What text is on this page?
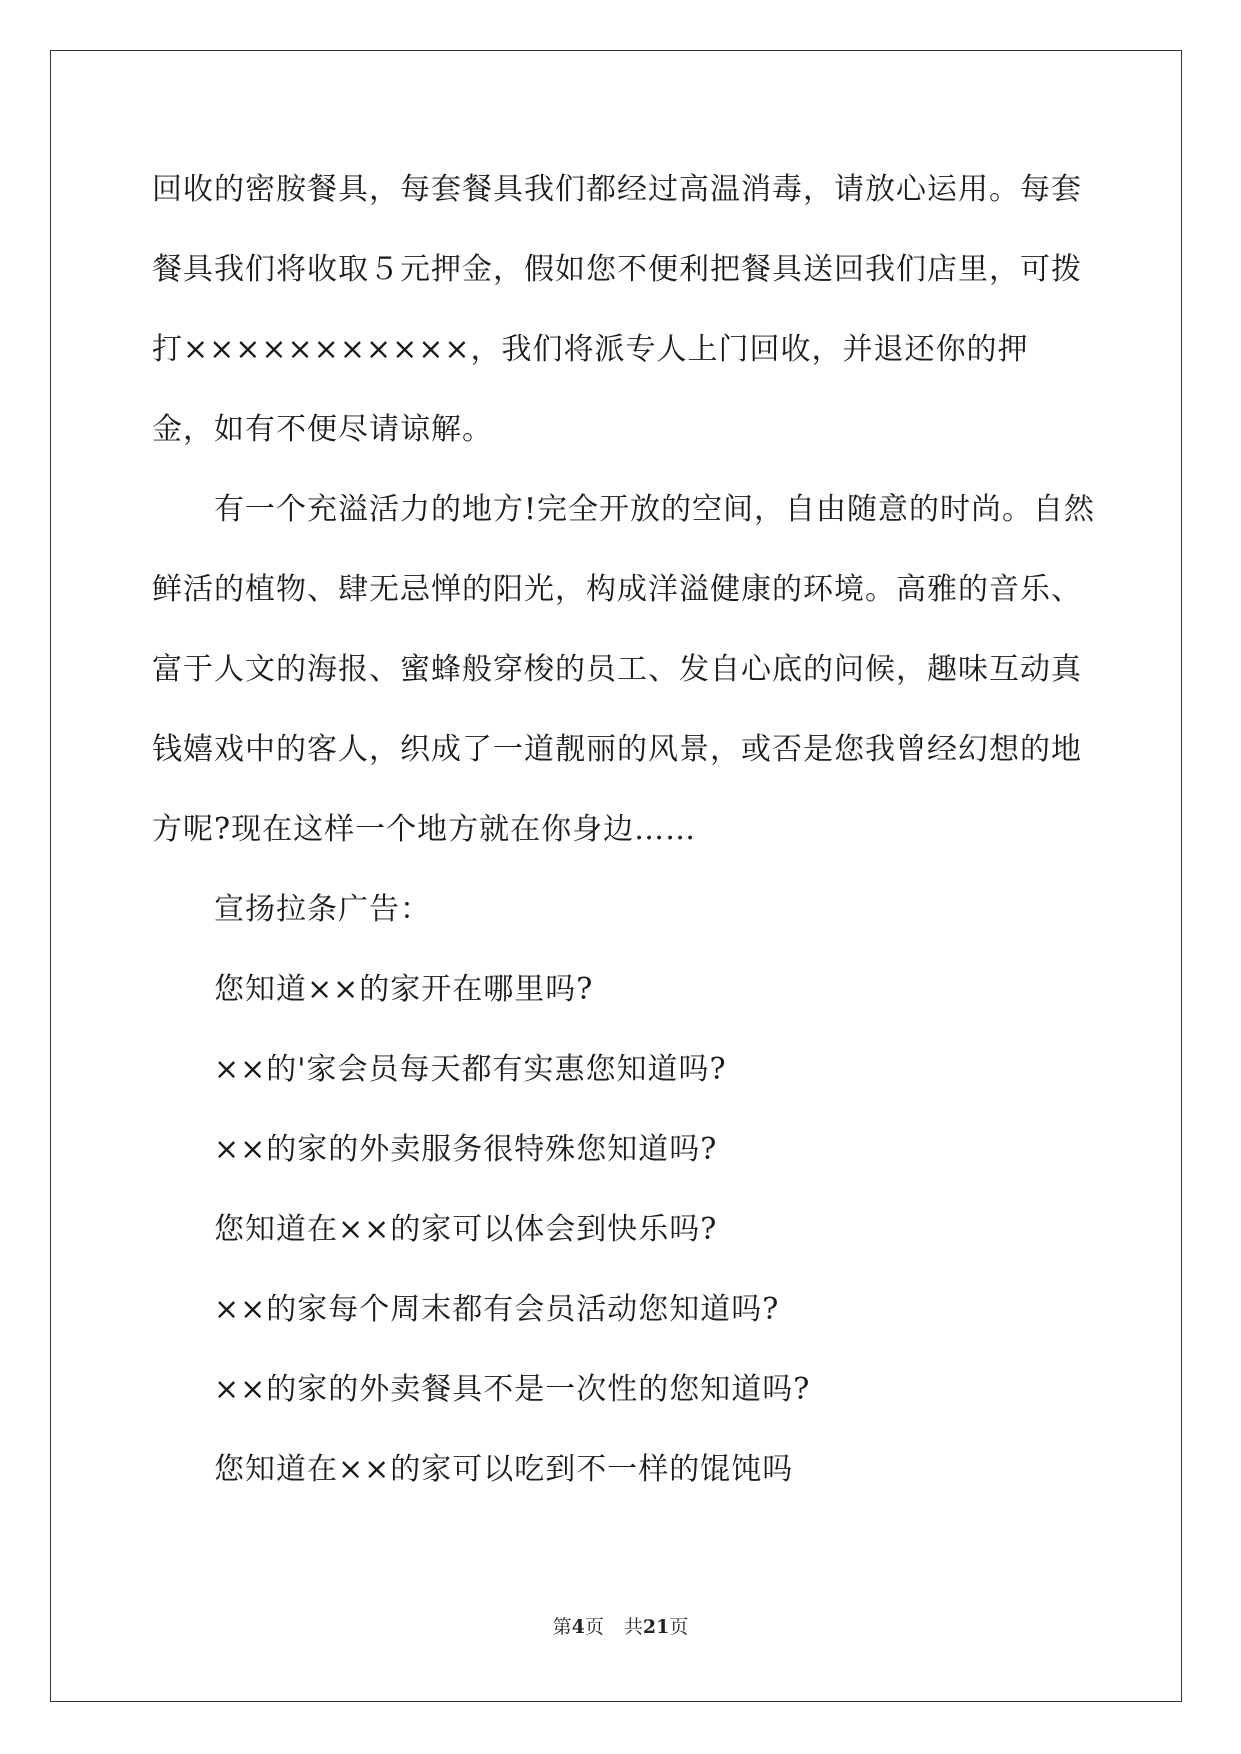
回收的密胺餐具，每套餐具我们都经过高温消毒，请放心运用。每套
餐具我们将收取５元押金，假如您不便利把餐具送回我们店里，可拨
打×××××××××××，我们将派专人上门回收，并退还你的押
金，如有不便尽请谅解。
有一个充溢活力的地方!完全开放的空间，自由随意的时尚。自然
鲜活的植物、肆无忌惮的阳光，构成洋溢健康的环境。高雅的音乐、
富于人文的海报、蜜蜂般穿梭的员工、发自心底的问候，趣味互动真
钱嬉戏中的客人，织成了一道靓丽的风景，或否是您我曾经幻想的地
方呢?现在这样一个地方就在你身边……
宣扬拉条广告：
您知道××的家开在哪里吗?
××的'家会员每天都有实惠您知道吗?
××的家的外卖服务很特殊您知道吗?
您知道在××的家可以体会到快乐吗?
××的家每个周末都有会员活动您知道吗?
××的家的外卖餐具不是一次性的您知道吗?
您知道在××的家可以吃到不一样的馄饨吗
第4页 共21页
